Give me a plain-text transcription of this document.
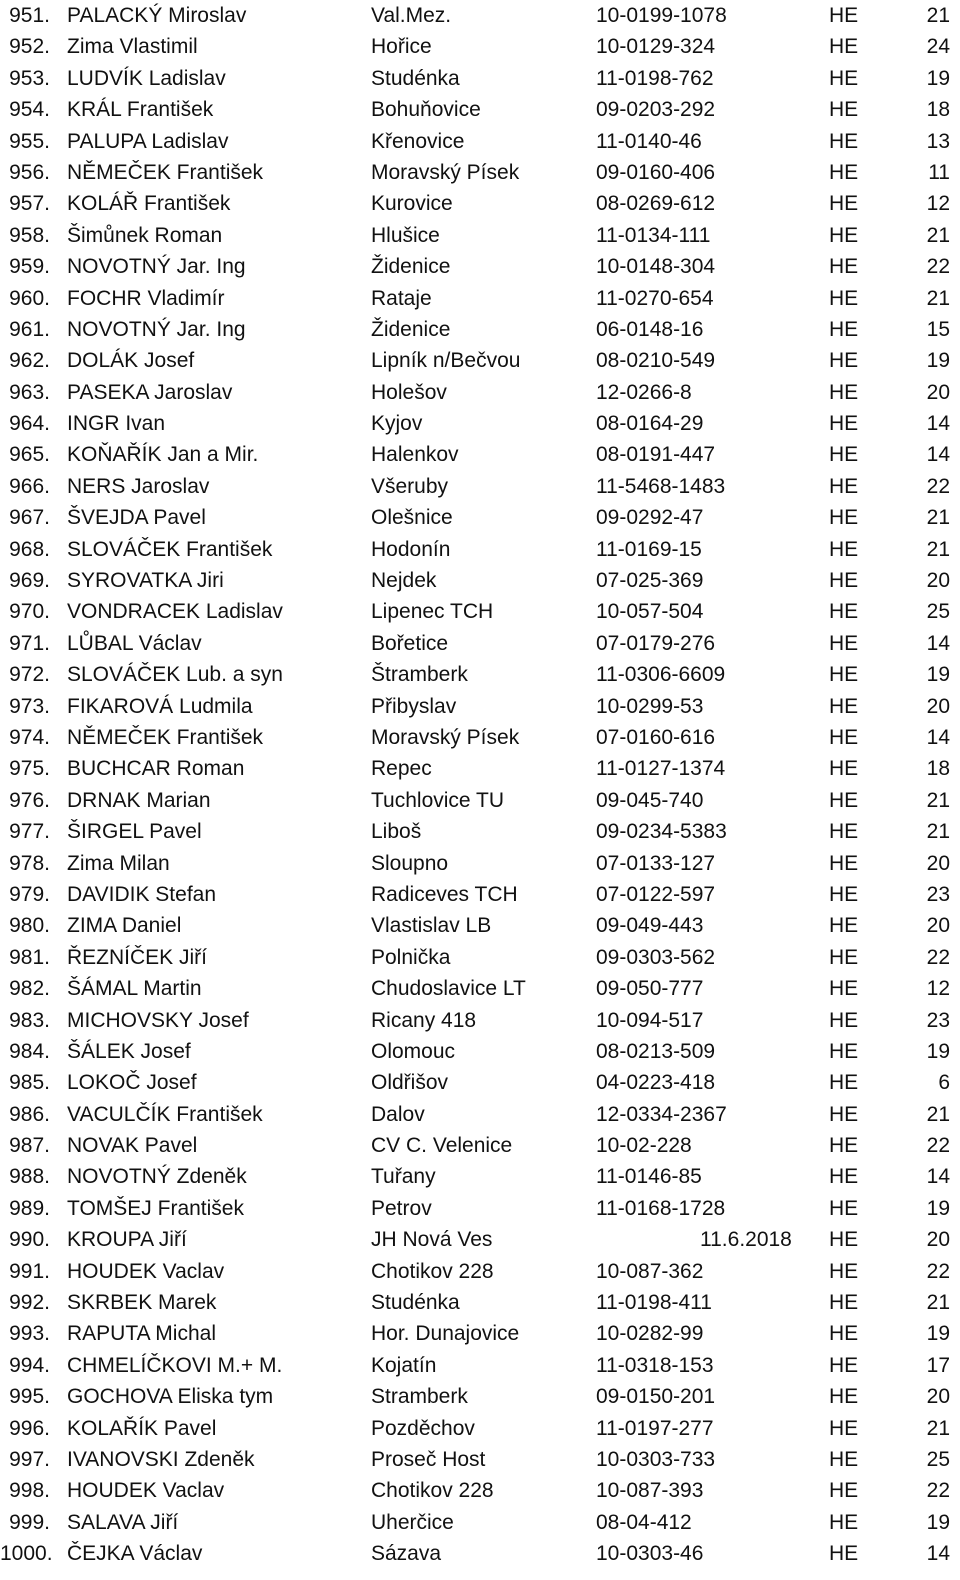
951. PALACKÝ Miroslav	Val.Mez.	10-0199-1078	HE	21
952. Zima Vlastimil	Hořice	10-0129-324	HE	24
953. LUDVÍK Ladislav	Studénka	11-0198-762	HE	19
954. KRÁL František	Bohuňovice	09-0203-292	HE	18
955. PALUPA Ladislav	Křenovice	11-0140-46	HE	13
956. NĚMEČEK František	Moravský Písek	09-0160-406	HE	11
957. KOLÁŘ František	Kurovice	08-0269-612	HE	12
958. Šimůnek Roman	Hlušice	11-0134-111	HE	21
959. NOVOTNÝ Jar. Ing	Židenice	10-0148-304	HE	22
960. FOCHR Vladimír	Rataje	11-0270-654	HE	21
961. NOVOTNÝ Jar. Ing	Židenice	06-0148-16	HE	15
962. DOLÁK Josef	Lipník n/Bečvou	08-0210-549	HE	19
963. PASEKA Jaroslav	Holešov	12-0266-8	HE	20
964. INGR Ivan	Kyjov	08-0164-29	HE	14
965. KOŇAŘÍK Jan a Mir.	Halenkov	08-0191-447	HE	14
966. NERS Jaroslav	Všeruby	11-5468-1483	HE	22
967. ŠVEJDA Pavel	Olešnice	09-0292-47	HE	21
968. SLOVÁČEK František	Hodonín	11-0169-15	HE	21
969. SYROVATKA Jiri	Nejdek	07-025-369	HE	20
970. VONDRACEK Ladislav	Lipenec TCH	10-057-504	HE	25
971. LŮBAL Václav	Bořetice	07-0179-276	HE	14
972. SLOVÁČEK Lub. a syn	Štramberk	11-0306-6609	HE	19
973. FIKAROVÁ Ludmila	Přibyslav	10-0299-53	HE	20
974. NĚMEČEK František	Moravský Písek	07-0160-616	HE	14
975. BUCHCAR Roman	Repec	11-0127-1374	HE	18
976. DRNAK Marian	Tuchlovice TU	09-045-740	HE	21
977. ŠIRGEL Pavel	Liboš	09-0234-5383	HE	21
978. Zima Milan	Sloupno	07-0133-127	HE	20
979. DAVIDIK Stefan	Radiceves TCH	07-0122-597	HE	23
980. ZIMA Daniel	Vlastislav LB	09-049-443	HE	20
981. ŘEZNÍČEK Jiří	Polnička	09-0303-562	HE	22
982. ŠÁMAL Martin	Chudoslavice LT	09-050-777	HE	12
983. MICHOVSKY Josef	Ricany 418	10-094-517	HE	23
984. ŠÁLEK Josef	Olomouc	08-0213-509	HE	19
985. LOKOČ Josef	Oldřišov	04-0223-418	HE	6
986. VACULČÍK František	Dalov	12-0334-2367	HE	21
987. NOVAK Pavel	CV C. Velenice	10-02-228	HE	22
988. NOVOTNÝ Zdeněk	Tuřany	11-0146-85	HE	14
989. TOMŠEJ František	Petrov	11-0168-1728	HE	19
990. KROUPA Jiří	JH Nová Ves	11.6.2018 HE	20
991. HOUDEK Vaclav	Chotikov 228	10-087-362	HE	22
992. SKRBEK Marek	Studénka	11-0198-411	HE	21
993. RAPUTA Michal	Hor. Dunajovice	10-0282-99	HE	19
994. CHMELÍČKOVI M.+ M.	Kojatín	11-0318-153	HE	17
995. GOCHOVA Eliska tym	Stramberk	09-0150-201	HE	20
996. KOLAŘÍK Pavel	Pozděchov	11-0197-277	HE	21
997. IVANOVSKI Zdeněk	Proseč Host	10-0303-733	HE	25
998. HOUDEK Vaclav	Chotikov 228	10-087-393	HE	22
999. SALAVA Jiří	Uherčice	08-04-412	HE	19
1000. ČEJKA Václav	Sázava	10-0303-46	HE	14
